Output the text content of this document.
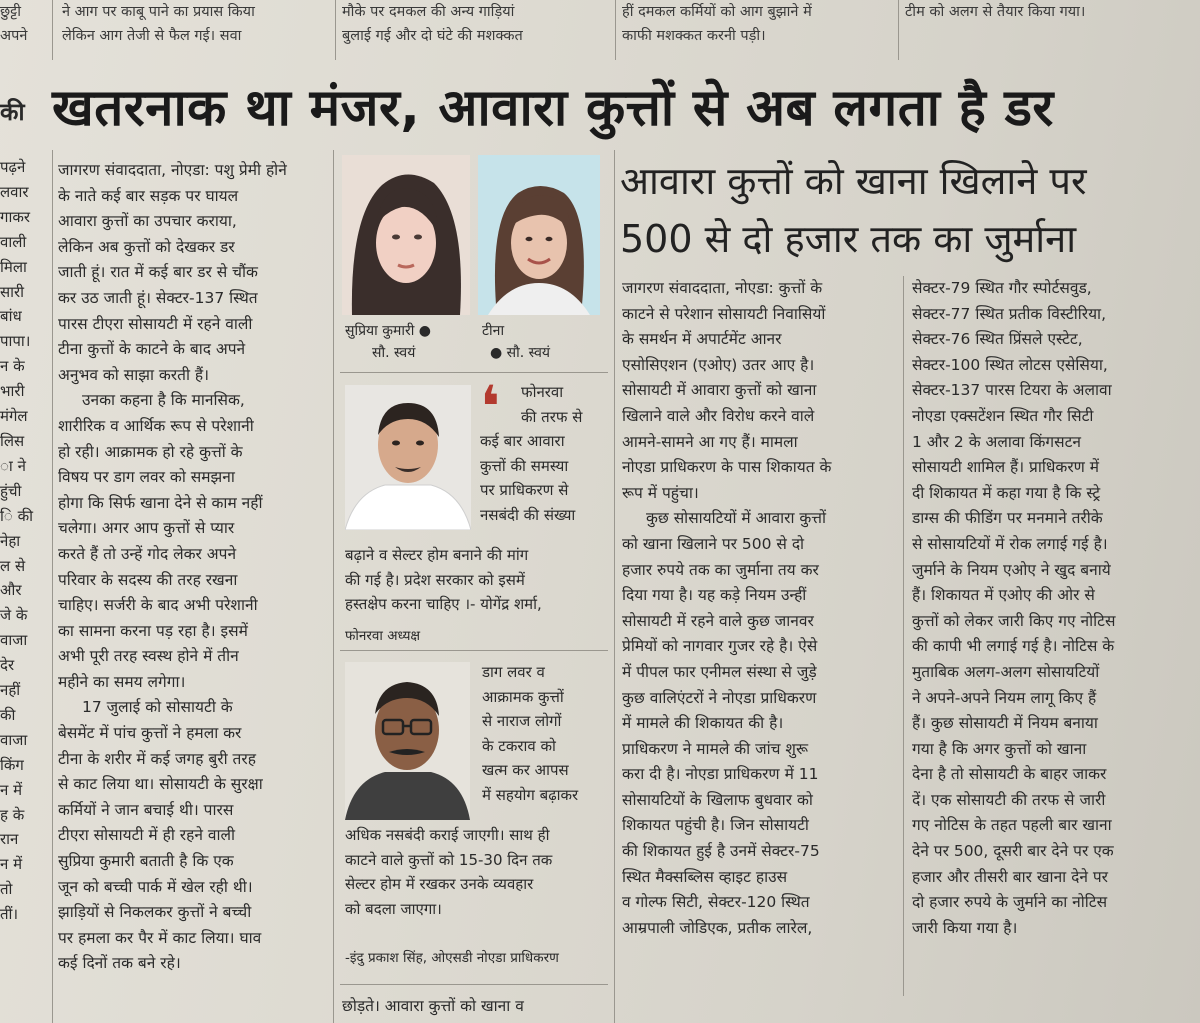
छुट्टी
अपने
ने आग पर काबू पाने का प्रयास किया
लेकिन आग तेजी से फैल गई। सवा
मौके पर दमकल की अन्य गाड़ियां
बुलाई गई और दो घंटे की मशक्कत
हीं दमकल कर्मियों को आग बुझाने में
काफी मशक्कत करनी पड़ी।
टीम को अलग से तैयार किया गया।
खतरनाक था मंजर, आवारा कुत्तों से अब लगता है डर
की
पढ़ने
लवार
गाकर
वाली
मिला
सारी
बांध
पापा।
न के
भारी
मंगेल
लिस
ा ने
हुंची
ि की
नेहा
ल से
और
जे के
वाजा
देर
नहीं
की
वाजा
किंग
न में
ह के
रान
न में
तो
तीं।
जागरण संवाददाता, नोएडा: पशु प्रेमी होने
के नाते कई बार सड़क पर घायल
आवारा कुत्तों का उपचार कराया,
लेकिन अब कुत्तों को देखकर डर
जाती हूं। रात में कई बार डर से चौंक
कर उठ जाती हूं। सेक्टर-137 स्थित
पारस टीएरा सोसायटी में रहने वाली
टीना कुत्तों के काटने के बाद अपने
अनुभव को साझा करती हैं।
उनका कहना है कि मानसिक,
शारीरिक व आर्थिक रूप से परेशानी
हो रही। आक्रामक हो रहे कुत्तों के
विषय पर डाग लवर को समझना
होगा कि सिर्फ खाना देने से काम नहीं
चलेगा। अगर आप कुत्तों से प्यार
करते हैं तो उन्हें गोद लेकर अपने
परिवार के सदस्य की तरह रखना
चाहिए। सर्जरी के बाद अभी परेशानी
का सामना करना पड़ रहा है। इसमें
अभी पूरी तरह स्वस्थ होने में तीन
महीने का समय लगेगा।
17 जुलाई को सोसायटी के
बेसमेंट में पांच कुत्तों ने हमला कर
टीना के शरीर में कई जगह बुरी तरह
से काट लिया था। सोसायटी के सुरक्षा
कर्मियों ने जान बचाई थी। पारस
टीएरा सोसायटी में ही रहने वाली
सुप्रिया कुमारी बताती है कि एक
जून को बच्ची पार्क में खेल रही थी।
झाड़ियों से निकलकर कुत्तों ने बच्ची
पर हमला कर पैर में काट लिया। घाव
कई दिनों तक बने रहे।
सुप्रिया कुमारी ●
सौ. स्वयं
टीना
● सौ. स्वयं
❛ फोनरवा
की तरफ से
कई बार आवारा
कुत्तों की समस्या
पर प्राधिकरण से
नसबंदी की संख्या
बढ़ाने व सेल्टर होम बनाने की मांग
की गई है। प्रदेश सरकार को इसमें
हस्तक्षेप करना चाहिए ।- योगेंद्र शर्मा,
फोनरवा अध्यक्ष
डाग लवर व
आक्रामक कुत्तों
से नाराज लोगों
के टकराव को
खत्म कर आपस
में सहयोग बढ़ाकर
अधिक नसबंदी कराई जाएगी। साथ ही
काटने वाले कुत्तों को 15-30 दिन तक
सेल्टर होम में रखकर उनके व्यवहार
को बदला जाएगा।
-इंदु प्रकाश सिंह, ओएसडी नोएडा प्राधिकरण
छोड़ते। आवारा कुत्तों को खाना व
आवारा कुत्तों को खाना खिलाने पर
500 से दो हजार तक का जुर्माना
जागरण संवाददाता, नोएडा: कुत्तों के
काटने से परेशान सोसायटी निवासियों
के समर्थन में अपार्टमेंट आनर
एसोसिएशन (एओए) उतर आए है।
सोसायटी में आवारा कुत्तों को खाना
खिलाने वाले और विरोध करने वाले
आमने-सामने आ गए हैं। मामला
नोएडा प्राधिकरण के पास शिकायत के
रूप में पहुंचा।
कुछ सोसायटियों में आवारा कुत्तों
को खाना खिलाने पर 500 से दो
हजार रुपये तक का जुर्माना तय कर
दिया गया है। यह कड़े नियम उन्हीं
सोसायटी में रहने वाले कुछ जानवर
प्रेमियों को नागवार गुजर रहे है। ऐसे
में पीपल फार एनीमल संस्था से जुड़े
कुछ वालिएंटरों ने नोएडा प्राधिकरण
में मामले की शिकायत की है।
प्राधिकरण ने मामले की जांच शुरू
करा दी है। नोएडा प्राधिकरण में 11
सोसायटियों के खिलाफ बुधवार को
शिकायत पहुंची है। जिन सोसायटी
की शिकायत हुई है उनमें सेक्टर-75
स्थित मैक्सब्लिस व्हाइट हाउस
व गोल्फ सिटी, सेक्टर-120 स्थित
आम्रपाली जोडिएक, प्रतीक लारेल,
सेक्टर-79 स्थित गौर स्पोर्टसवुड,
सेक्टर-77 स्थित प्रतीक विस्टीरिया,
सेक्टर-76 स्थित प्रिंसले एस्टेट,
सेक्टर-100 स्थित लोटस एसेसिया,
सेक्टर-137 पारस टियरा के अलावा
नोएडा एक्सटेंशन स्थित गौर सिटी
1 और 2 के अलावा किंगसटन
सोसायटी शामिल हैं। प्राधिकरण में
दी शिकायत में कहा गया है कि स्ट्रे
डाग्स की फीडिंग पर मनमाने तरीके
से सोसायटियों में रोक लगाई गई है।
जुर्माने के नियम एओए ने खुद बनाये
हैं। शिकायत में एओए की ओर से
कुत्तों को लेकर जारी किए गए नोटिस
की कापी भी लगाई गई है। नोटिस के
मुताबिक अलग-अलग सोसायटियों
ने अपने-अपने नियम लागू किए हैं
हैं। कुछ सोसायटी में नियम बनाया
गया है कि अगर कुत्तों को खाना
देना है तो सोसायटी के बाहर जाकर
दें। एक सोसायटी की तरफ से जारी
गए नोटिस के तहत पहली बार खाना
देने पर 500, दूसरी बार देने पर एक
हजार और तीसरी बार खाना देने पर
दो हजार रुपये के जुर्माने का नोटिस
जारी किया गया है।
